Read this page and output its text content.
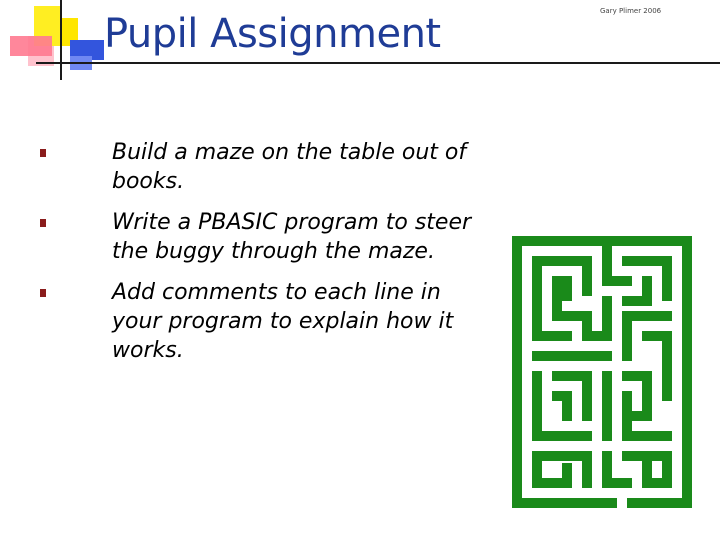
Pupil Assignment	Gary Plimer 2006
Build a maze on the table out of books.
Write a PBASIC program to steer the buggy through the maze.
Add comments to each line in your program to explain how it works.
